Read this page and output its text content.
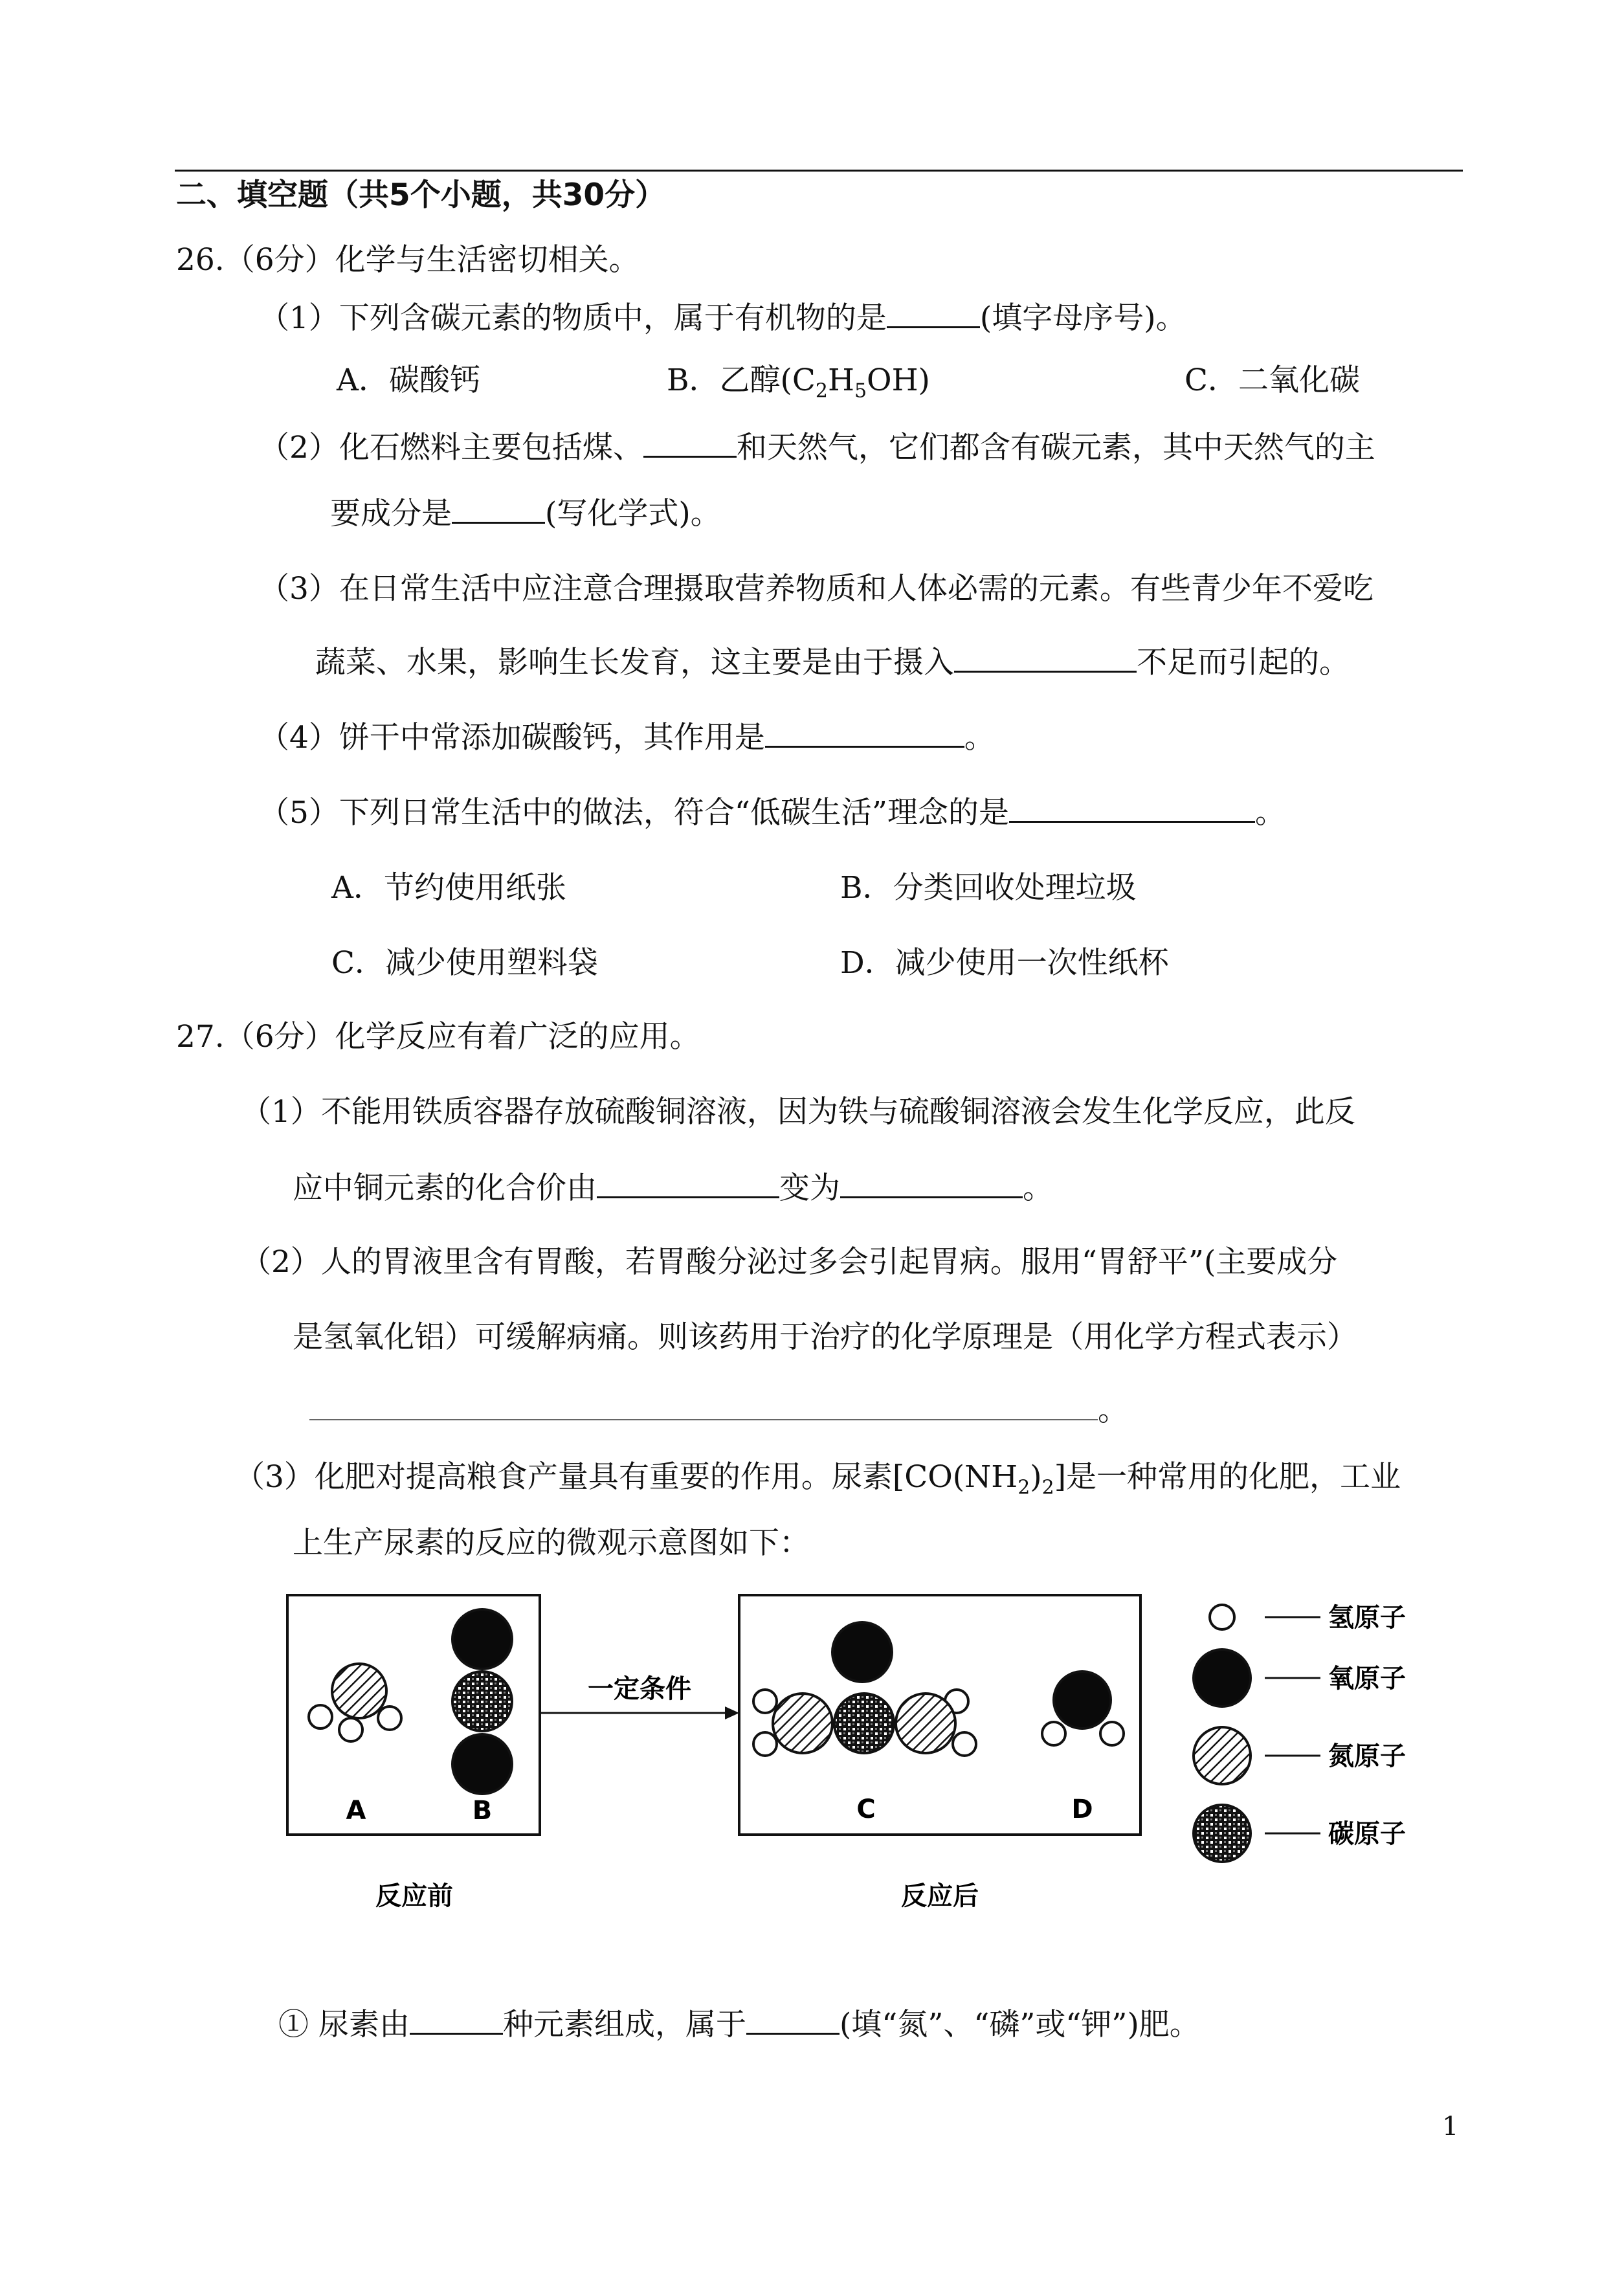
二、填空题（共5个小题，共30分）
26.（6分）化学与生活密切相关。
（1）下列含碳元素的物质中，属于有机物的是	(填字母序号)。
A．碳酸钙	B．乙醇$(C_2H_5OH)$	C．二氧化碳
（2）化石燃料主要包括煤、	和天然气，它们都含有碳元素，其中天然气的主
要成分是	(写化学式)。
（3）在日常生活中应注意合理摄取营养物质和人体必需的元素。有些青少年不爱吃
蔬菜、水果，影响生长发育，这主要是由于摄入	不足而引起的。
（4）饼干中常添加碳酸钙，其作用是	。
（5）下列日常生活中的做法，符合“低碳生活”理念的是	。
A．节约使用纸张	B．分类回收处理垃圾
C．减少使用塑料袋	D．减少使用一次性纸杯
27.（6分）化学反应有着广泛的应用。
（1）不能用铁质容器存放硫酸铜溶液，因为铁与硫酸铜溶液会发生化学反应，此反
应中铜元素的化合价由	变为	。
（2）人的胃液里含有胃酸，若胃酸分泌过多会引起胃病。服用“胃舒平”(主要成分
是氢氧化铝）可缓解病痛。则该药用于治疗的化学原理是（用化学方程式表示）
。
（3）化肥对提高粮食产量具有重要的作用。尿素$[CO(NH_2)_2]$是一种常用的化肥，工业
上生产尿素的反应的微观示意图如下：
A	B
一定条件
C	D
反应前	反应后
氢原子
氧原子
氮原子
碳原子
① 尿素由	种元素组成，属于	(填“氮”、“磷”或“钾”)肥。
1
